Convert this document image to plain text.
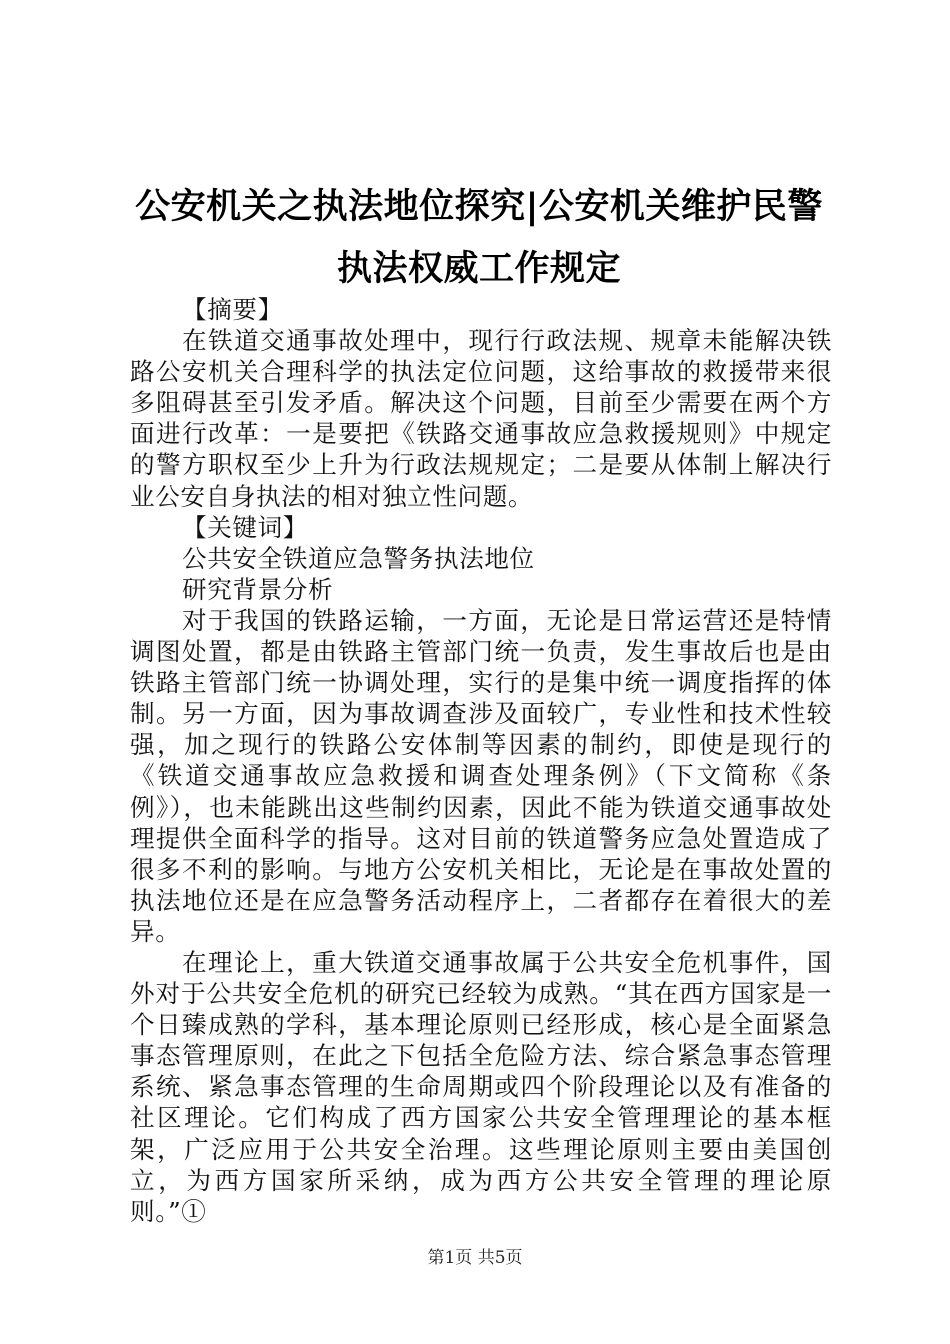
公安机关之执法地位探究|公安机关维护民警执法权威工作规定

【摘要】

在铁道交通事故处理中，现行行政法规、规章未能解决铁路公安机关合理科学的执法定位问题，这给事故的救援带来很多阻碍甚至引发矛盾。解决这个问题，目前至少需要在两个方面进行改革：一是要把《铁路交通事故应急救援规则》中规定的警方职权至少上升为行政法规规定；二是要从体制上解决行业公安自身执法的相对独立性问题。

【关键词】

公共安全铁道应急警务执法地位

研究背景分析

对于我国的铁路运输，一方面，无论是日常运营还是特情调图处置，都是由铁路主管部门统一负责，发生事故后也是由铁路主管部门统一协调处理，实行的是集中统一调度指挥的体制。另一方面，因为事故调查涉及面较广，专业性和技术性较强，加之现行的铁路公安体制等因素的制约，即使是现行的《铁道交通事故应急救援和调查处理条例》（下文简称《条例》），也未能跳出这些制约因素，因此不能为铁道交通事故处理提供全面科学的指导。这对目前的铁道警务应急处置造成了很多不利的影响。与地方公安机关相比，无论是在事故处置的执法地位还是在应急警务活动程序上，二者都存在着很大的差异。

在理论上，重大铁道交通事故属于公共安全危机事件，国外对于公共安全危机的研究已经较为成熟。“其在西方国家是一个日臻成熟的学科，基本理论原则已经形成，核心是全面紧急事态管理原则，在此之下包括全危险方法、综合紧急事态管理系统、紧急事态管理的生命周期或四个阶段理论以及有准备的社区理论。它们构成了西方国家公共安全管理理论的基本框架，广泛应用于公共安全治理。这些理论原则主要由美国创立，为西方国家所采纳，成为西方公共安全管理的理论原则。”①

第1页 共5页
